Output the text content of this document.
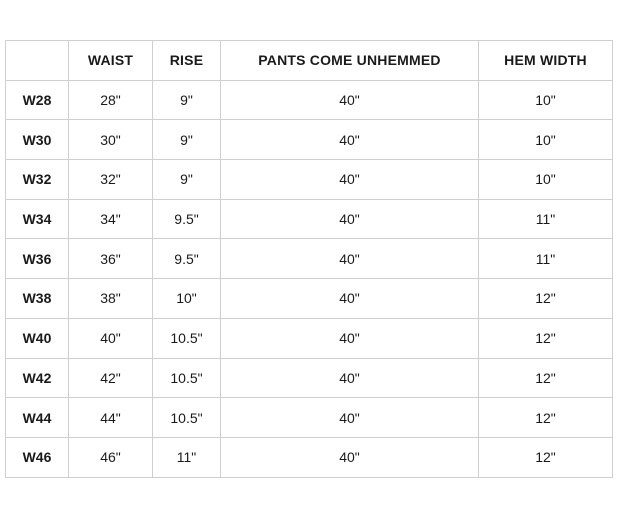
	WAIST	RISE	PANTS COME UNHEMMED	HEM WIDTH
W28	28"	9"	40"	10"
W30	30"	9"	40"	10"
W32	32"	9"	40"	10"
W34	34"	9.5"	40"	11"
W36	36"	9.5"	40"	11"
W38	38"	10"	40"	12"
W40	40"	10.5"	40"	12"
W42	42"	10.5"	40"	12"
W44	44"	10.5"	40"	12"
W46	46"	11"	40"	12"
